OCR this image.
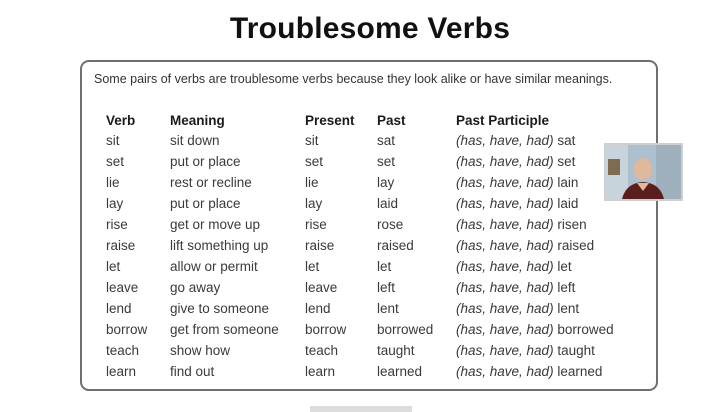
Troublesome Verbs
Some pairs of verbs are troublesome verbs because they look alike or have similar meanings.
Verb	Meaning	Present	Past	Past Participle
sit	sit down	sit	sat	(has, have, had) sat
set	put or place	set	set	(has, have, had) set
lie	rest or recline	lie	lay	(has, have, had) lain
lay	put or place	lay	laid	(has, have, had) laid
rise	get or move up	rise	rose	(has, have, had) risen
raise	lift something up	raise	raised	(has, have, had) raised
let	allow or permit	let	let	(has, have, had) let
leave	go away	leave	left	(has, have, had) left
lend	give to someone	lend	lent	(has, have, had) lent
borrow	get from someone	borrow	borrowed	(has, have, had) borrowed
teach	show how	teach	taught	(has, have, had) taught
learn	find out	learn	learned	(has, have, had) learned
